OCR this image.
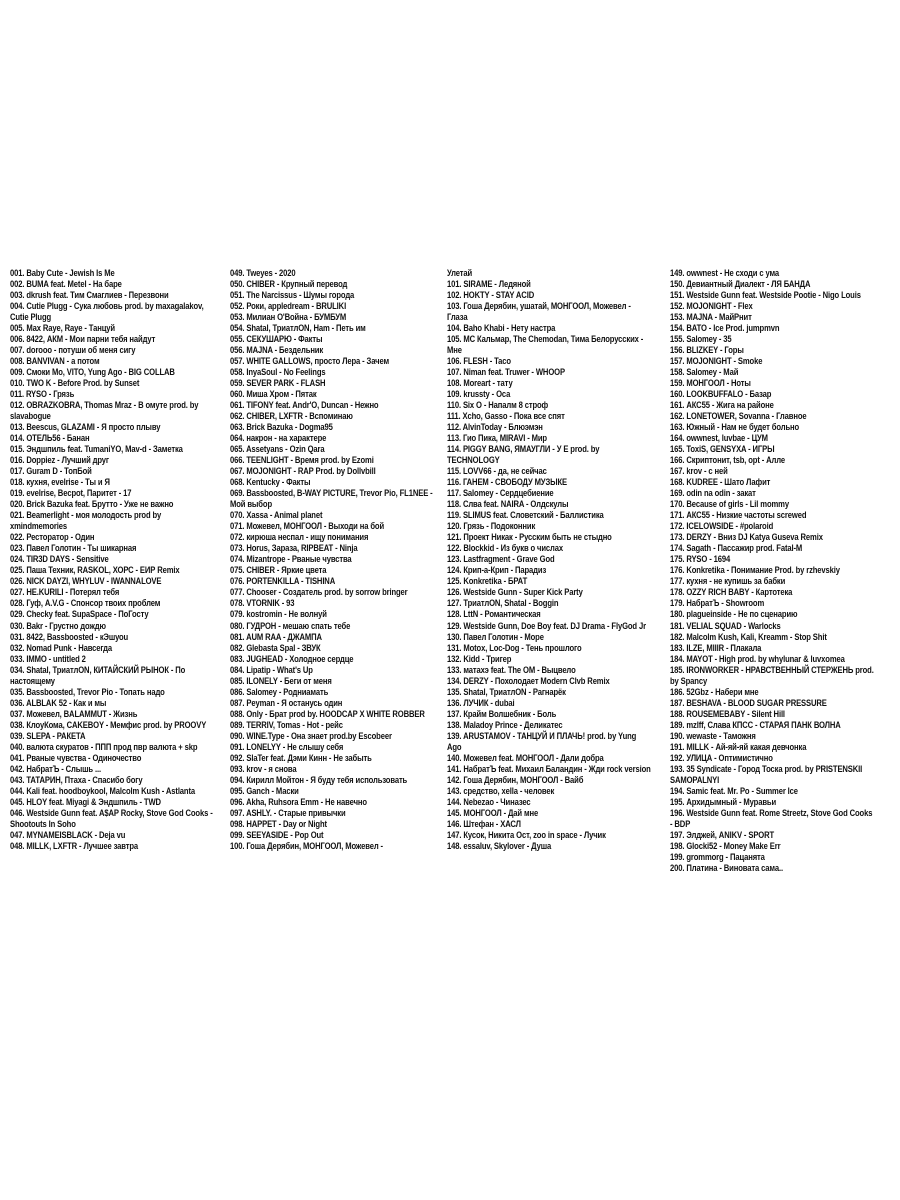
001. Baby Cute - Jewish Is Me
002. BUMA feat. Metel - На баре
003. dkrush feat. Тим Смаглиев - Перезвони
004. Cutie Plugg - Сука любовь prod. by maxagalakov, Cutie Plugg
005. Max Raye, Raye - Танцуй
006. 8422, АКМ - Мои парни тебя найдут
007. dorooo - потуши об меня сигу
008. BANVIVAN - а потом
009. Смоки Мо, VITO, Yung Ago - BIG COLLAB
010. TWO K - Before Prod. by Sunset
011. RYSO - Грязь
012. OBRAZKOBRA, Thomas Mraz - В омуте prod. by slavabogue
013. Beescus, GLAZAMI - Я просто плыву
014. ОТЕЛЬ56 - Банан
015. Эндшпиль feat. TumaniYO, Mav-d - Заметка
016. Doppiez - Лучший друг
017. Guram D - ТопБой
018. кухня, evelrise - Ты и Я
019. evelrise, Becpot, Паритет - 17
020. Brick Bazuka feat. Брутто - Уже не важно
021. Beamerlight - моя молодость prod by xmindmemories
022. Ресторатор - Один
023. Павел Голотин - Ты шикарная
024. TIR3D DAYS - Sensitive
025. Паша Техник, RASKOL, ХОРС - ЕИР Remix
026. NICK DAYZI, WHYLUV - IWANNALOVE
027. HE.KURILI - Потерял тебя
028. Гуф, A.V.G - Спонсор твоих проблем
029. Checky feat. SupaSpace - ПоГосту
030. Bakr - Грустно дождю
031. 8422, Bassboosted - кЭшуоu
032. Nomad Punk - Навсегда
033. IMMO - untitled 2
034. Shatal, ТриатлON, КИТАЙСКИЙ РЫНОК - По настоящему
035. Bassboosted, Trevor Pio - Топать надо
036. ALBLAK 52 - Как и мы
037. Можевел, BALAMMUT - Жизнь
038. КлоуКома, CAKEBOY - Мемфис prod. by PROOVY
039. SLEPA - РАКЕТА
040. валюта скуратов - ППП прод пвр валюта + skp
041. Рваные чувства - Одиночество
042. НабратЪ - Слышь ...
043. ТАТАРИН, Птаха - Спасибо богу
044. Kali feat. hoodboykool, Malcolm Kush - Astlanta
045. HLOY feat. Miyagi & Эндшпиль - TWD
046. Westside Gunn feat. A$AP Rocky, Stove God Cooks - Shootouts In Soho
047. MYNAMEISBLACK - Deja vu
048. MILLK, LXFTR - Лучшее завтра
049. Tweyes - 2020
050. CHIBER - Крупный перевод
051. The Narcissus - Шумы города
052. Роки, appledream - BRULIKI
053. Милиан О'Война - БУМБУМ
054. Shatal, ТриатлON, Ham - Петь им
055. СЕКУШАРЮ - Факты
056. MAJNA - Бездельник
057. WHITE GALLOWS, просто Лера - Зачем
058. InyaSoul - No Feelings
059. SEVER PARK - FLASH
060. Миша Хром - Пятак
061. TIFONY feat. Andr'O, Duncan - Нежно
062. CHIBER, LXFTR - Вспоминаю
063. Brick Bazuka - Dogma95
064. накрон - на характере
065. Assetyans - Ozin Qara
066. TEENLIGHT - Время prod. by Ezomi
067. MOJONIGHT - RAP Prod. by Dollvbill
068. Kentucky - Факты
069. Bassboosted, B-WAY PICTURE, Trevor Pio, FL1NEE - Мой выбор
070. Xassa - Animal planet
071. Можевел, МОНГООЛ - Выходи на бой
072. кирюша неспал - ищу понимания
073. Horus, Зараза, RIPBEAT - Ninja
074. Mizantrope - Рваные чувства
075. CHIBER - Яркие цвета
076. PORTENKILLA - TISHINA
077. Chooser - Создатель prod. by sorrow bringer
078. VTORNIK - 93
079. kostromin - Не волнуй
080. ГУДРОН - мешаю спать тебе
081. AUM RAA - ДЖАМПА
082. Glebasta Spal - ЗВУК
083. JUGHEAD - Холодное сердце
084. Lipatip - What's Up
085. ILONELY - Беги от меня
086. Salomey - Родниамать
087. Peyman - Я останусь один
088. Only - Брат prod by. HOODCAP X WHITE ROBBER
089. TERRIV, Tomas - Hot - рейс
090. WINE.Type - Она знает prod.by Escobeer
091. LONELYY - Не слышу себя
092. SlaTer feat. Дэми Кинн - Не забыть
093. krov - я снова
094. Кирилл Мойтон - Я буду тебя использовать
095. Ganch - Маски
096. Akha, Ruhsora Emm - Не навечно
097. ASHLY. - Старые привычки
098. HAPPET - Day or Night
099. SEEYASIDE - Pop Out
100. Гоша Дерябин, МОНГООЛ, Можевел -
Улетай
101. SIRAME - Ледяной
102. HOKTY - STAY ACID
103. Гоша Дерябин, ушатай, МОНГООЛ, Можевел - Глаза
104. Baho Khabi - Нету настра
105. МС Кальмар, The Chemodan, Тима Белорусских - Мне
106. FLESH - Taco
107. Niman feat. Truwer - WHOOP
108. Moreart - тату
109. krussty - Оса
110. Six O - Напалм 8 строф
111. Xcho, Gasso - Пока все спят
112. AlvinToday - Блюэмэн
113. Гио Пика, MIRAVI - Мир
114. PIGGY BANG, ЯМАУГЛИ - У Е prod. by TECHNOLOGY
115. LOVV66 - да, не сейчас
116. ГАНЕМ - СВОБОДУ МУЗЫКЕ
117. Salomey - Сердцебиение
118. Слва feat. NAIRA - Олдскулы
119. SLIMUS feat. Словетский - Баллистика
120. Грязь - Подоконник
121. Проект Никак - Русским быть не стыдно
122. Blockkid - Из букв о числах
123. Lastfragment - Grave God
124. Крип-а-Крип - Парадиз
125. Konkretika - БРАТ
126. Westside Gunn - Super Kick Party
127. ТриатлON, Shatal - Boggin
128. LttN - Романтическая
129. Westside Gunn, Doe Boy feat. DJ Drama - FlyGod Jr
130. Павел Голотин - Море
131. Motox, Loc-Dog - Тень прошлого
132. Kidd - Тригер
133. матахэ feat. The OM - Выцвело
134. DERZY - Похолодает Modern Clvb Remix
135. Shatal, ТриатлON - Рагнарёк
136. ЛУЧИК - dubai
137. Крайм Волшебник - Боль
138. Maladoy Prince - Деликатес
139. ARUSTAMOV - ТАНЦУЙ И ПЛАЧЬ! prod. by Yung Ago
140. Можевел feat. МОНГООЛ - Дали добра
141. НабратЪ feat. Михаил Баландин - Жди rock version
142. Гоша Дерябин, МОНГООЛ - Вайб
143. средство, xella - человек
144. Nebezao - Чиназес
145. МОНГООЛ - Дай мне
146. Штефан - ХАСЛ
147. Кусок, Никита Ост, zoo in space - Лучик
148. essaluv, Skylover - Душа
149. owwnest - Не сходи с ума
150. Девиантный Диалект - ЛЯ БАНДА
151. Westside Gunn feat. Westside Pootie - Nigo Louis
152. MOJONIGHT - Flex
153. MAJNA - МайРнит
154. BATO - Ice Prod. jumpmvn
155. Salomey - 35
156. BLIZKEY - Горы
157. MOJONIGHT - Smoke
158. Salomey - Май
159. МОНГООЛ - Ноты
160. LOOKBUFFALO - Базар
161. АКС55 - Жига на районе
162. LONETOWER, Sovanna - Главное
163. Южный - Нам не будет больно
164. owwnest, luvbae - ЦУМ
165. ToxiS, GENSYXA - ИГРЫ
166. Скриптонит, tsb, opt - Алле
167. krov - с ней
168. KUDREE - Шато Лафит
169. odin na odin - закат
170. Because of girls - Lil mommy
171. АКС55 - Низкие частоты screwed
172. ICELOWSIDE - #polaroid
173. DERZY - Вниз DJ Katya Guseva Remix
174. Sagath - Пассажир prod. Fatal-M
175. RYSO - 1694
176. Konkretika - Понимание Prod. by rzhevskiy
177. кухня - не купишь за бабки
178. OZZY RICH BABY - Картотека
179. НабратЪ - Showroom
180. plagueinside - Не по сценарию
181. VELIAL SQUAD - Warlocks
182. Malcolm Kush, Kali, Kreamm - Stop Shit
183. ILZE, MIIIR - Плакала
184. MAYOT - High prod. by whylunar & luvxomea
185. IRONWORKER - НРАВСТВЕННЫЙ СТЕРЖЕНЬ prod. by Spancy
186. 52Gbz - Набери мне
187. BESHAVA - BLOOD SUGAR PRESSURE
188. ROUSEMEBABY - Silent Hill
189. mzlff, Слава КПСС - СТАРАЯ ПАНК ВОЛНА
190. wewaste - Таможня
191. MILLK - Ай-яй-яй какая девчонка
192. УЛИЦА - Оптимистично
193. 35 Syndicate - Город Тоска prod. by PRISTENSKII SAMOPALNYI
194. Samic feat. Mr. Po - Summer Ice
195. Архидымный - Муравьи
196. Westside Gunn feat. Rome Streetz, Stove God Cooks - BDP
197. Элджей, ANIKV - SPORT
198. Glocki52 - Money Make Err
199. grommorg - Пацанята
200. Платина - Виновата сама..
